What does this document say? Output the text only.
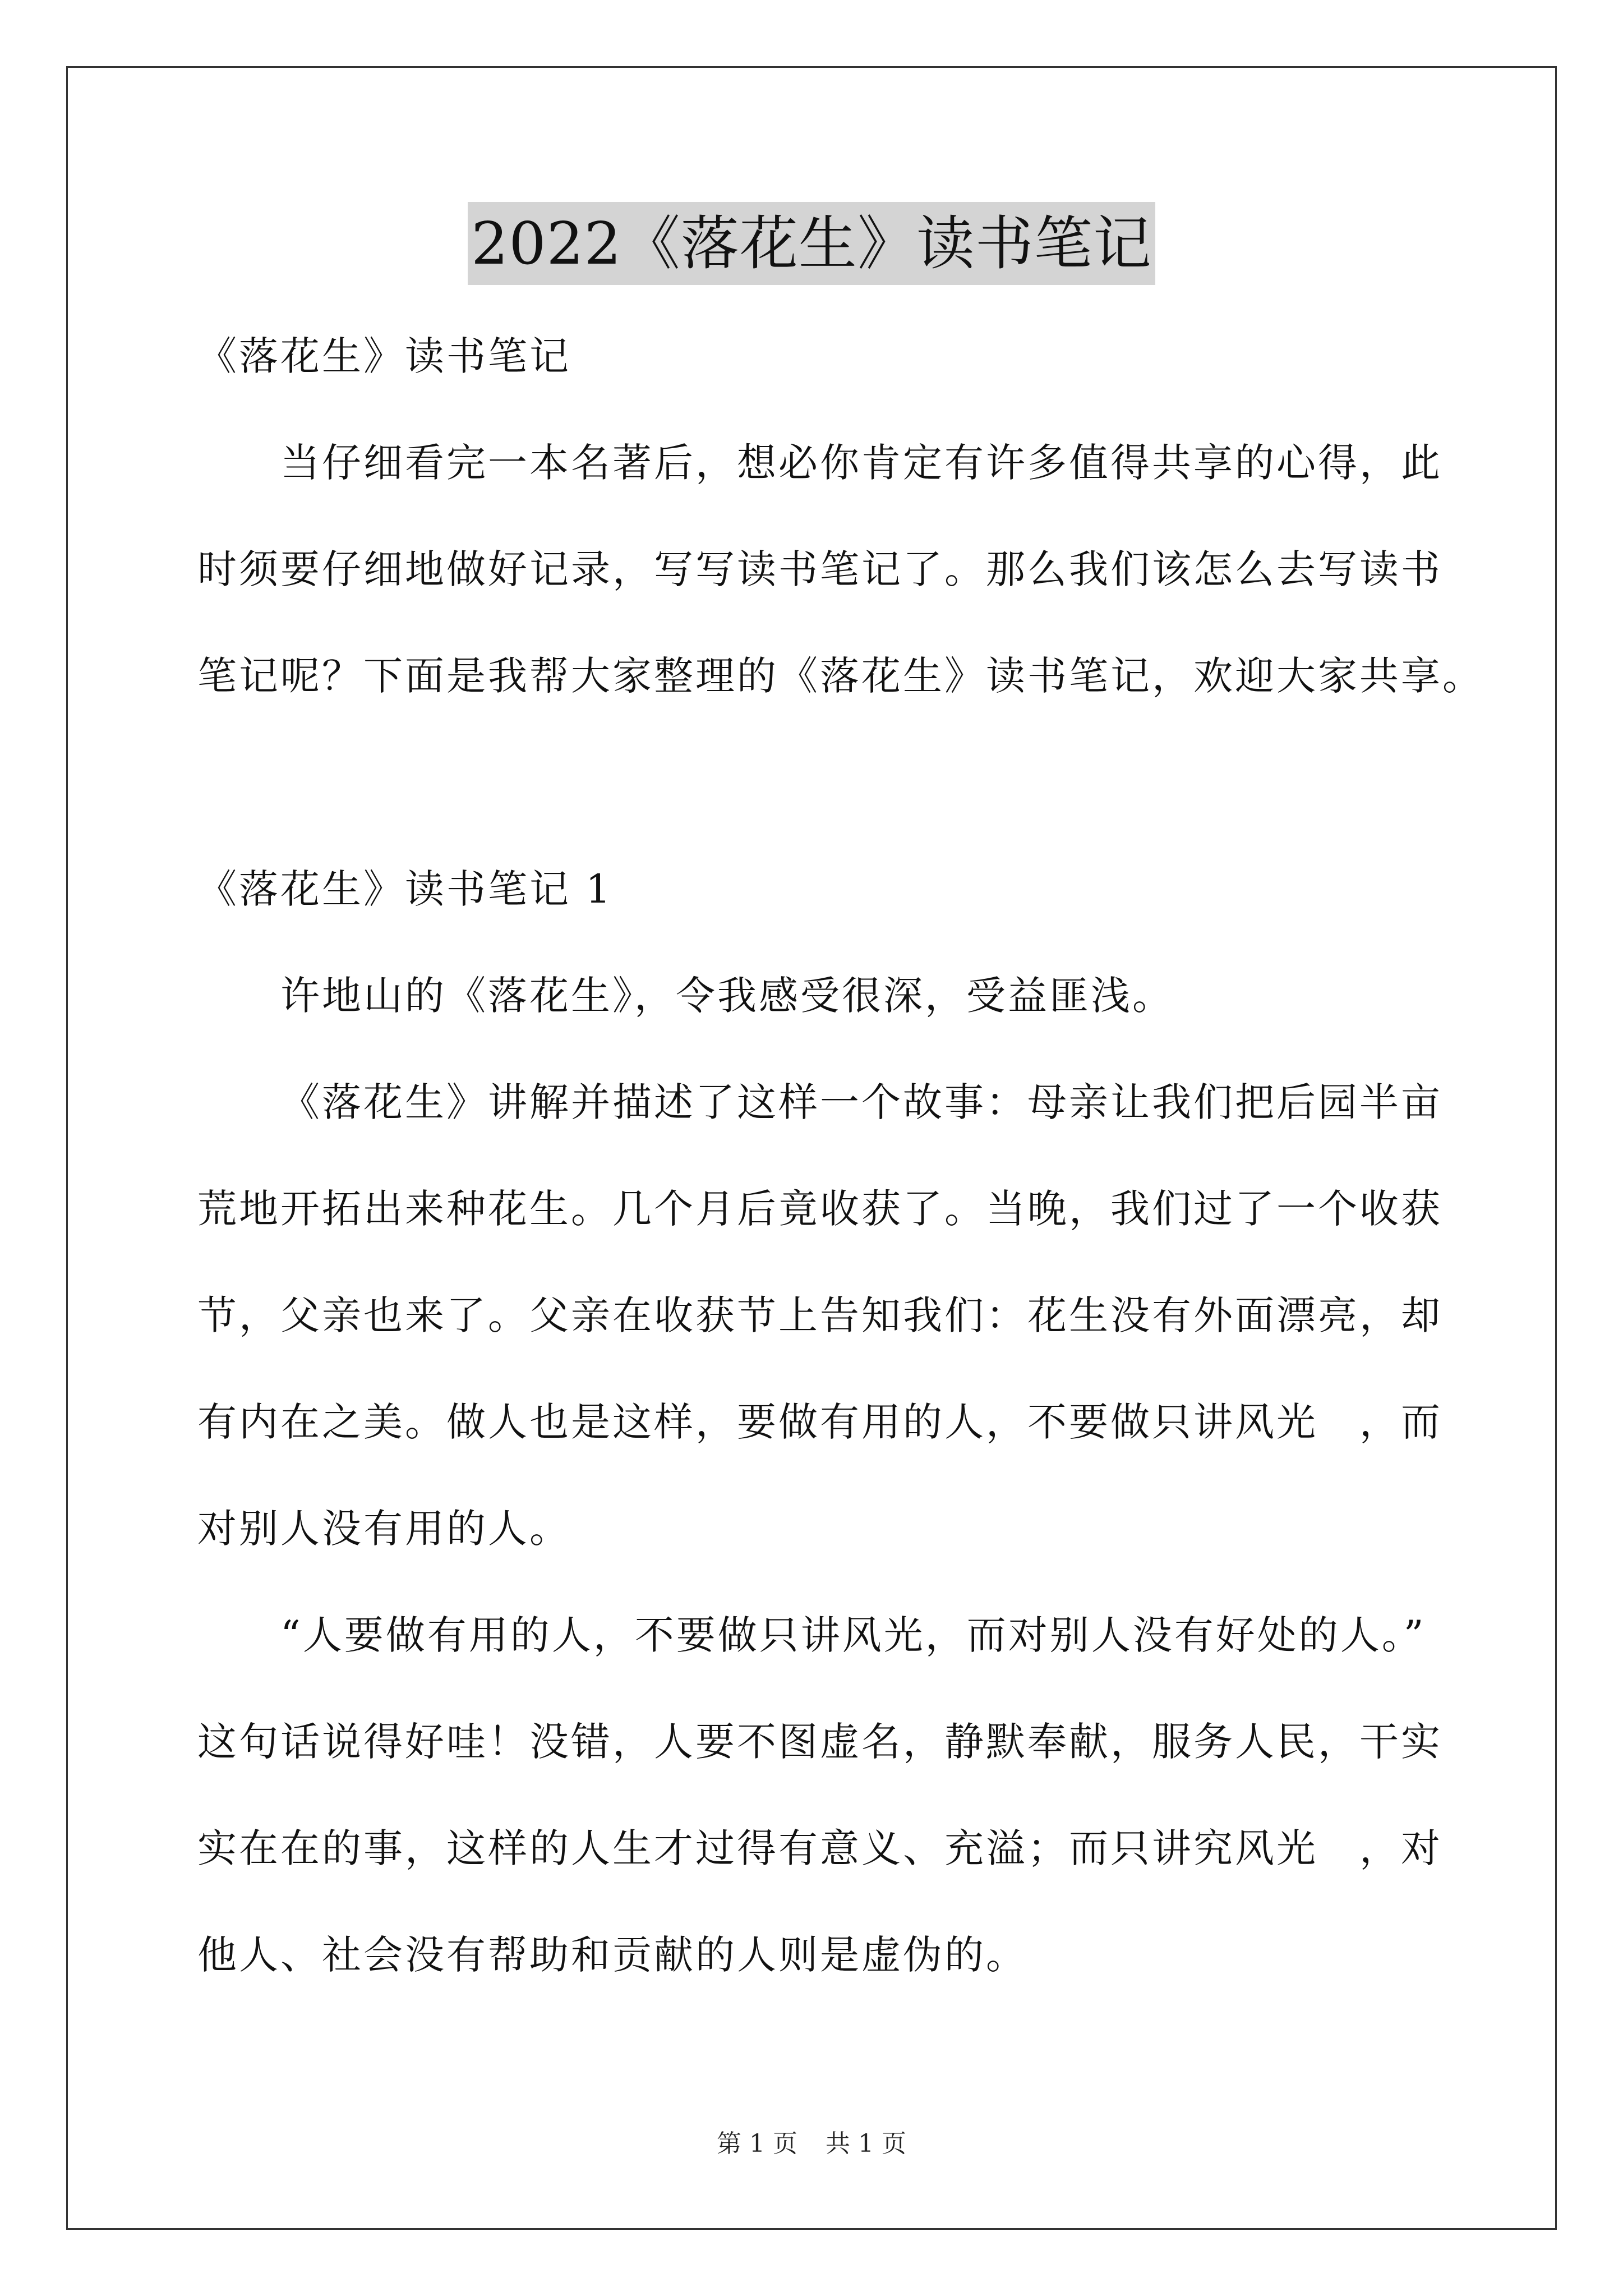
2022《落花生》读书笔记
《落花生》读书笔记
当仔细看完一本名著后，想必你肯定有许多值得共享的心得，此
时须要仔细地做好记录，写写读书笔记了。那么我们该怎么去写读书
笔记呢？下面是我帮大家整理的《落花生》读书笔记，欢迎大家共享。
《落花生》读书笔记 1
许地山的《落花生》，令我感受很深，受益匪浅。
《落花生》讲解并描述了这样一个故事：母亲让我们把后园半亩
荒地开拓出来种花生。几个月后竟收获了。当晚，我们过了一个收获
节，父亲也来了。父亲在收获节上告知我们：花生没有外面漂亮，却
有内在之美。做人也是这样，要做有用的人，不要做只讲风光　，而
对别人没有用的人。
“人要做有用的人，不要做只讲风光，而对别人没有好处的人。”
这句话说得好哇！没错，人要不图虚名，静默奉献，服务人民，干实
实在在的事，这样的人生才过得有意义、充溢；而只讲究风光　，对
他人、社会没有帮助和贡献的人则是虚伪的。
第 1 页 共 1 页
